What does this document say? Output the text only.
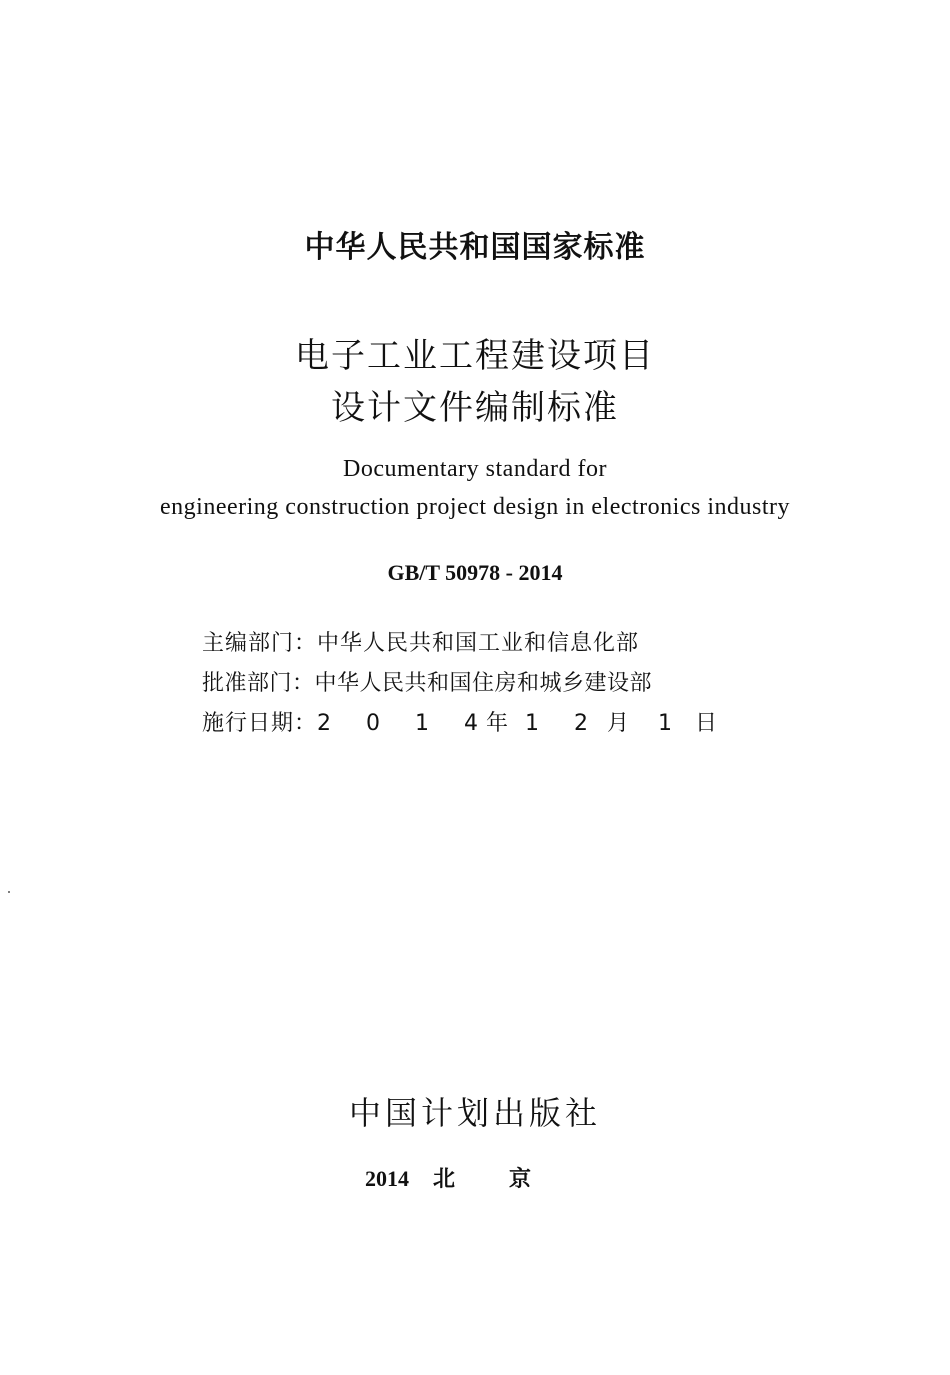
中华人民共和国国家标准
电子工业工程建设项目
设计文件编制标准
Documentary standard for
engineering construction project design in electronics industry
GB/T 50978 - 2014
主编部门：中华人民共和国工业和信息化部
批准部门：中华人民共和国住房和城乡建设部
施行日期： 2 0 1 4
年 1 2 月	1	日
中国计划出版社
2014 北京
